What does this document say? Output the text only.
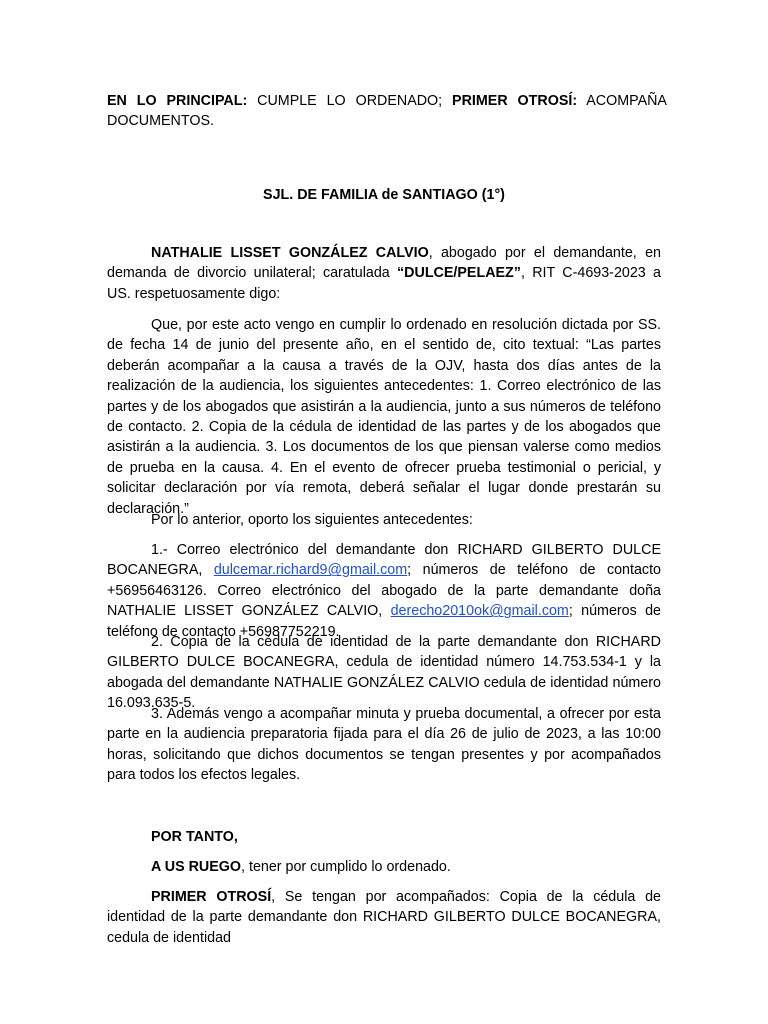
EN LO PRINCIPAL: CUMPLE LO ORDENADO; PRIMER OTROSÍ: ACOMPAÑA DOCUMENTOS.
SJL. DE FAMILIA de SANTIAGO (1°)
NATHALIE LISSET GONZÁLEZ CALVIO, abogado por el demandante, en demanda de divorcio unilateral; caratulada “DULCE/PELAEZ”, RIT C-4693-2023 a US. respetuosamente digo:
Que, por este acto vengo en cumplir lo ordenado en resolución dictada por SS. de fecha 14 de junio del presente año, en el sentido de, cito textual: “Las partes deberán acompañar a la causa a través de la OJV, hasta dos días antes de la realización de la audiencia, los siguientes antecedentes: 1. Correo electrónico de las partes y de los abogados que asistirán a la audiencia, junto a sus números de teléfono de contacto. 2. Copia de la cédula de identidad de las partes y de los abogados que asistirán a la audiencia. 3. Los documentos de los que piensan valerse como medios de prueba en la causa. 4. En el evento de ofrecer prueba testimonial o pericial, y solicitar declaración por vía remota, deberá señalar el lugar donde prestarán su declaración.”
Por lo anterior, oporto los siguientes antecedentes:
1.- Correo electrónico del demandante don RICHARD GILBERTO DULCE BOCANEGRA, dulcemar.richard9@gmail.com; números de teléfono de contacto +56956463126. Correo electrónico del abogado de la parte demandante doña NATHALIE LISSET GONZÁLEZ CALVIO, derecho2010ok@gmail.com; números de teléfono de contacto +56987752219.
2. Copia de la cédula de identidad de la parte demandante don RICHARD GILBERTO DULCE BOCANEGRA, cedula de identidad número 14.753.534-1 y la abogada del demandante NATHALIE GONZÁLEZ CALVIO cedula de identidad número 16.093.635-5.
3. Además vengo a acompañar minuta y prueba documental, a ofrecer por esta parte en la audiencia preparatoria fijada para el día 26 de julio de 2023, a las 10:00 horas, solicitando que dichos documentos se tengan presentes y por acompañados para todos los efectos legales.
POR TANTO,
A US RUEGO, tener por cumplido lo ordenado.
PRIMER OTROSÍ, Se tengan por acompañados: Copia de la cédula de identidad de la parte demandante don RICHARD GILBERTO DULCE BOCANEGRA, cedula de identidad
